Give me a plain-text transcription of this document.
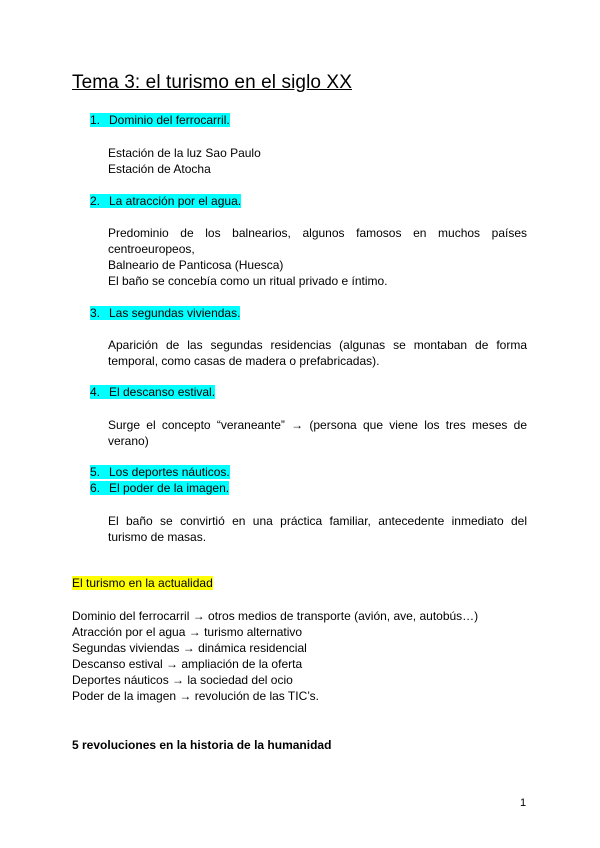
Tema 3: el turismo en el siglo XX
1. Dominio del ferrocarril.
Estación de la luz Sao Paulo
Estación de Atocha
2. La atracción por el agua.
Predominio de los balnearios, algunos famosos en muchos países centroeuropeos,
Balneario de Panticosa (Huesca)
El baño se concebía como un ritual privado e íntimo.
3. Las segundas viviendas.
Aparición de las segundas residencias (algunas se montaban de forma temporal, como casas de madera o prefabricadas).
4. El descanso estival.
Surge el concepto “veraneante” → (persona que viene los tres meses de verano)
5. Los deportes náuticos.
6. El poder de la imagen.
El baño se convirtió en una práctica familiar, antecedente inmediato del turismo de masas.
El turismo en la actualidad
Dominio del ferrocarril → otros medios de transporte (avión, ave, autobús…)
Atracción por el agua → turismo alternativo
Segundas viviendas → dinámica residencial
Descanso estival → ampliación de la oferta
Deportes náuticos → la sociedad del ocio
Poder de la imagen → revolución de las TIC’s.
5 revoluciones en la historia de la humanidad
1
